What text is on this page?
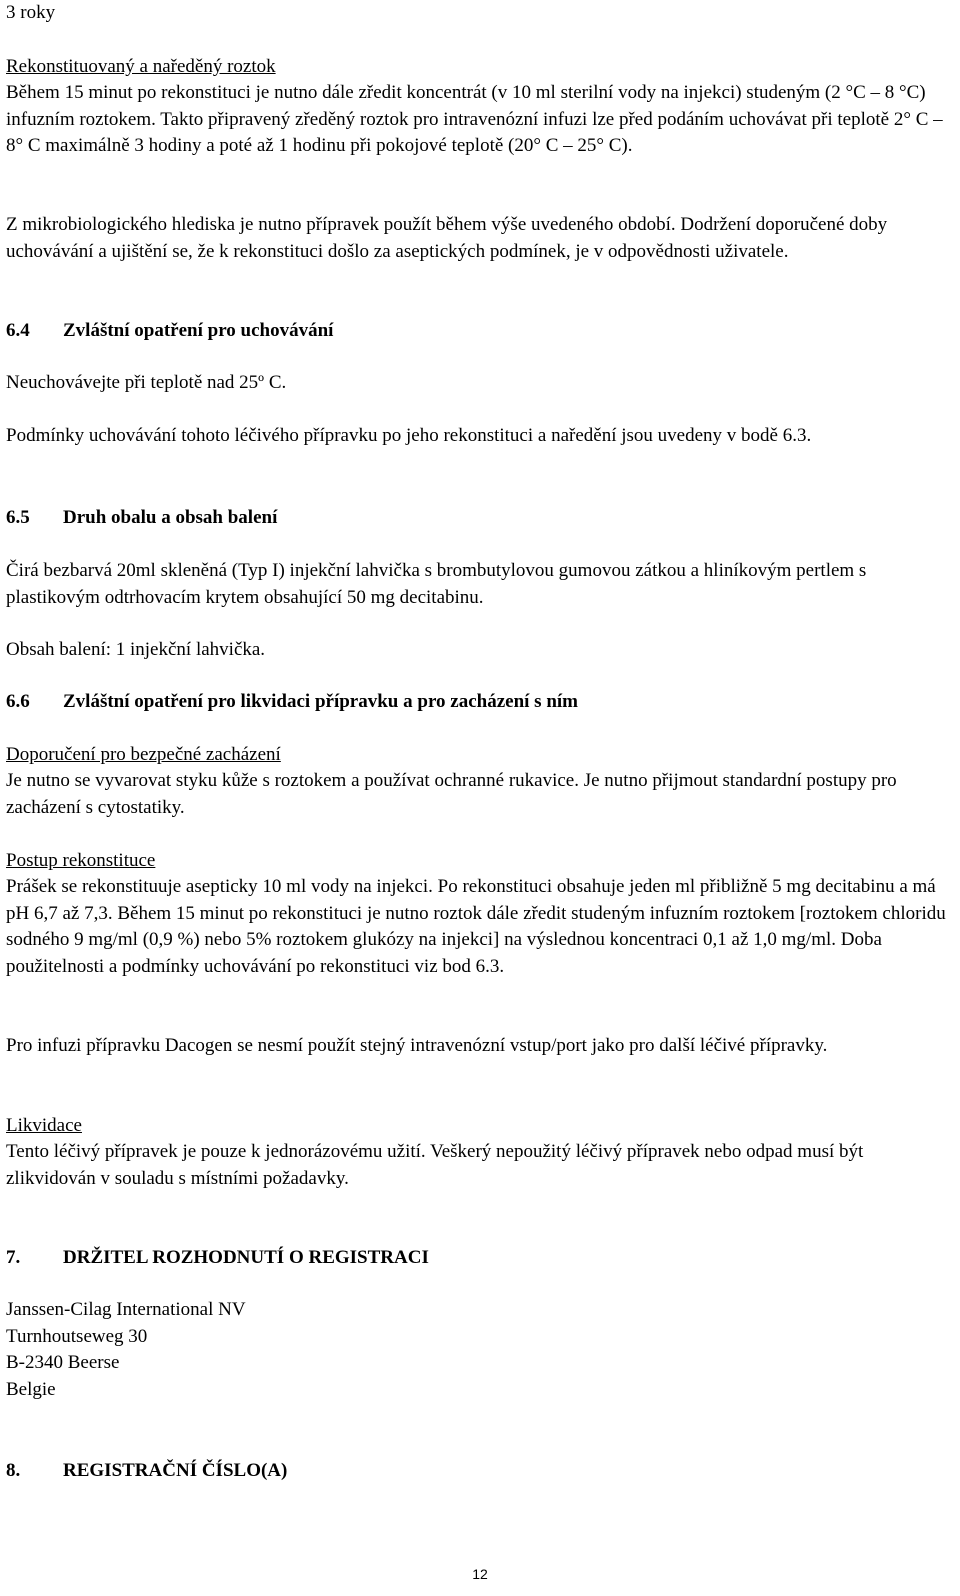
3 roky

Rekonstituovaný a naředěný roztok

Během 15 minut po rekonstituci je nutno dále zředit koncentrát (v 10 ml sterilní vody na injekci) studeným (2 °C – 8 °C) infuzním roztokem. Takto připravený zředěný roztok pro intravenózní infuzi lze před podáním uchovávat při teplotě 2° C – 8° C maximálně 3 hodiny a poté až 1 hodinu při pokojové teplotě (20° C – 25° C).

Z mikrobiologického hlediska je nutno přípravek použít během výše uvedeného období. Dodržení doporučené doby uchovávání a ujištění se, že k rekonstituci došlo za aseptických podmínek, je v odpovědnosti uživatele.

6.4 Zvláštní opatření pro uchovávání

Neuchovávejte při teplotě nad 25º C.

Podmínky uchovávání tohoto léčivého přípravku po jeho rekonstituci a naředění jsou uvedeny v bodě 6.3.

6.5 Druh obalu a obsah balení

Čirá bezbarvá 20ml skleněná (Typ I) injekční lahvička s brombutylovou gumovou zátkou a hliníkovým pertlem s plastikovým odtrhovacím krytem obsahující 50 mg decitabinu.

Obsah balení: 1 injekční lahvička.

6.6 Zvláštní opatření pro likvidaci přípravku a pro zacházení s ním

Doporučení pro bezpečné zacházení

Je nutno se vyvarovat styku kůže s roztokem a používat ochranné rukavice. Je nutno přijmout standardní postupy pro zacházení s cytostatiky.

Postup rekonstituce

Prášek se rekonstituuje asepticky 10 ml vody na injekci. Po rekonstituci obsahuje jeden ml přibližně 5 mg decitabinu a má pH 6,7 až 7,3. Během 15 minut po rekonstituci je nutno roztok dále zředit studeným infuzním roztokem [roztokem chloridu sodného 9 mg/ml (0,9 %) nebo 5% roztokem glukózy na injekci] na výslednou koncentraci 0,1 až 1,0 mg/ml. Doba použitelnosti a podmínky uchovávání po rekonstituci viz bod 6.3.

Pro infuzi přípravku Dacogen se nesmí použít stejný intravenózní vstup/port jako pro další léčivé přípravky.

Likvidace

Tento léčivý přípravek je pouze k jednorázovému užití. Veškerý nepoužitý léčivý přípravek nebo odpad musí být zlikvidován v souladu s místními požadavky.

7. DRŽITEL ROZHODNUTÍ O REGISTRACI

Janssen-Cilag International NV

Turnhoutseweg 30

B-2340 Beerse

Belgie

8. REGISTRAČNÍ ČÍSLO(A)

12
